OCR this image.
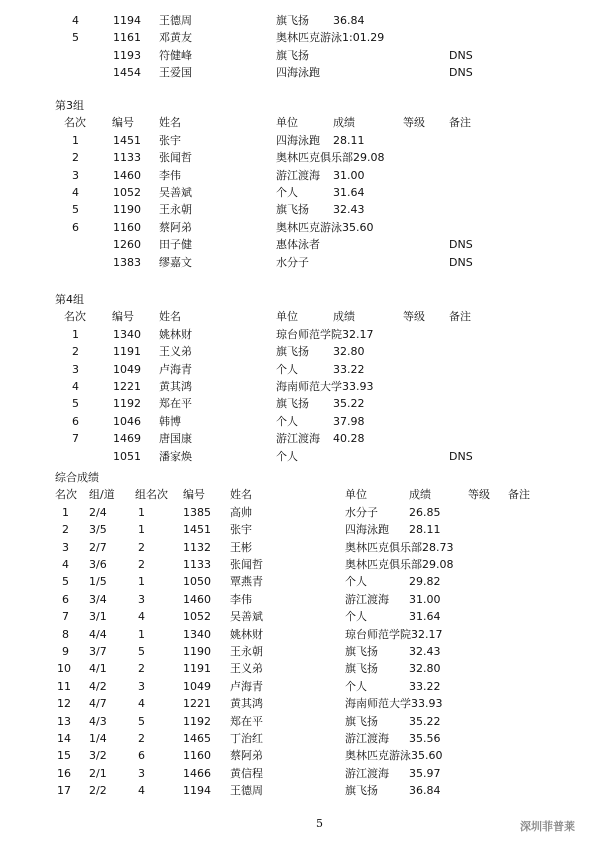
4	1194 王德周	旗飞扬 36.84
5	1161 邓黄友	奥林匹克游泳1:01.29
1193 符健峰	旗飞扬	DNS
1454 王爱国	四海泳跑	DNS
第3组
名次 编号 姓名	单位	成绩	等级 备注
1	1451 张宇	四海泳跑 28.11
2	1133 张闻哲	奥林匹克俱乐部29.08
3	1460 李伟	游江渡海 31.00
4	1052 吴善斌	个人	31.64
5	1190 王永朝	旗飞扬 32.43
6	1160 蔡阿弟	奥林匹克游泳35.60
1260 田子健	惠体泳者	DNS
1383 缪嘉文	水分子	DNS
第4组
名次 编号 姓名	单位	成绩	等级 备注
1	1340 姚林财	琼台师范学院32.17
2	1191 王义弟	旗飞扬 32.80
3	1049 卢海青	个人	33.22
4	1221 黄其鸿	海南师范大学33.93
5	1192 郑在平	旗飞扬 35.22
6	1046 韩博	个人	37.98
7	1469 唐国康	游江渡海 40.28
1051 潘家焕	个人	DNS
综合成绩
名次 组/道 组名次 编号 姓名	单位	成绩	等级 备注
1 2/4	1	1385 高帅	水分子	26.85
2 3/5	1	1451 张宇	四海泳跑 28.11
3 2/7	2	1132 王彬	奥林匹克俱乐部28.73
4 3/6	2	1133 张闻哲	奥林匹克俱乐部29.08
5 1/5	1	1050 覃燕青	个人	29.82
6 3/4	3	1460 李伟	游江渡海 31.00
7 3/1	4	1052 吴善斌	个人	31.64
8 4/4	1	1340 姚林财	琼台师范学院32.17
9 3/7	5	1190 王永朝	旗飞扬	32.43
10 4/1	2	1191 王义弟	旗飞扬	32.80
11 4/2	3	1049 卢海青	个人	33.22
12 4/7	4	1221 黄其鸿	海南师范大学33.93
13 4/3	5	1192 郑在平	旗飞扬	35.22
14 1/4	2	1465 丁治红	游江渡海 35.56
15 3/2	6	1160 蔡阿弟	奥林匹克游泳35.60
16 2/1	3	1466 黄信程	游江渡海 35.97
17 2/2	4	1194 王德周	旗飞扬	36.84
5	深圳菲普莱
